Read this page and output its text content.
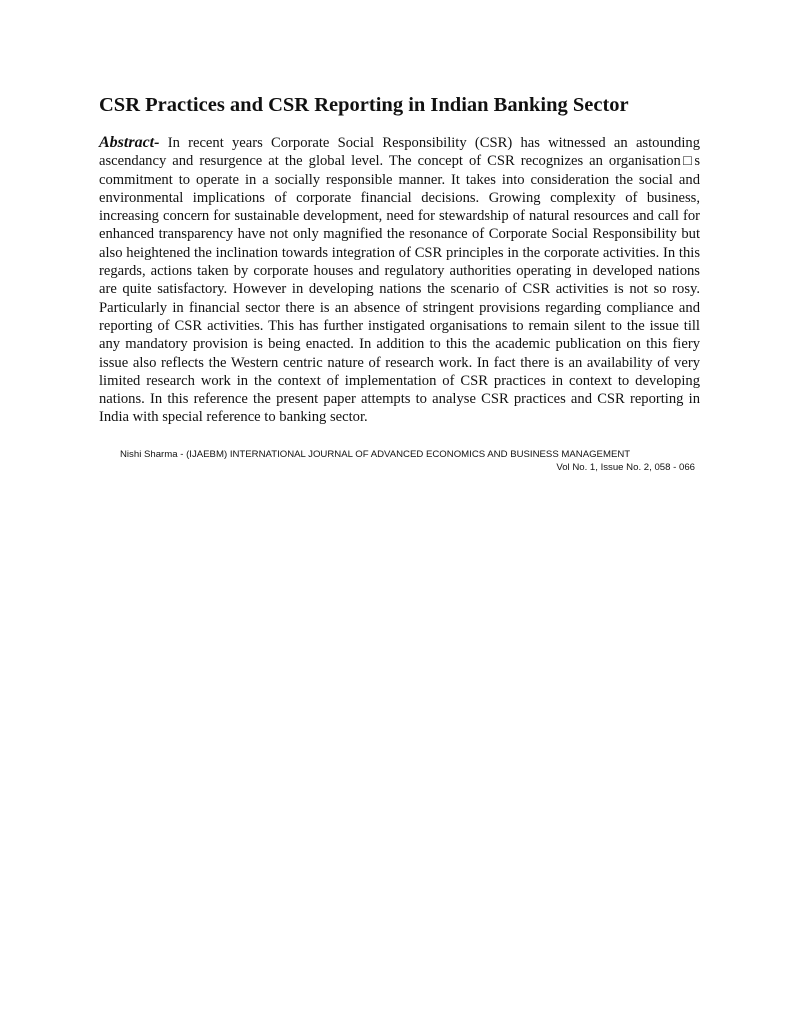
CSR Practices and CSR Reporting in Indian Banking Sector

Abstract- In recent years Corporate Social Responsibility (CSR) has witnessed an astounding ascendancy and resurgence at the global level. The concept of CSR recognizes an organisation□s commitment to operate in a socially responsible manner. It takes into consideration the social and environmental implications of corporate financial decisions. Growing complexity of business, increasing concern for sustainable development, need for stewardship of natural resources and call for enhanced transparency have not only magnified the resonance of Corporate Social Responsibility but also heightened the inclination towards integration of CSR principles in the corporate activities. In this regards, actions taken by corporate houses and regulatory authorities operating in developed nations are quite satisfactory. However in developing nations the scenario of CSR activities is not so rosy. Particularly in financial sector there is an absence of stringent provisions regarding compliance and reporting of CSR activities. This has further instigated organisations to remain silent to the issue till any mandatory provision is being enacted. In addition to this the academic publication on this fiery issue also reflects the Western centric nature of research work. In fact there is an availability of very limited research work in the context of implementation of CSR practices in context to developing nations. In this reference the present paper attempts to analyse CSR practices and CSR reporting in India with special reference to banking sector.

Nishi Sharma - (IJAEBM) INTERNATIONAL JOURNAL OF ADVANCED ECONOMICS AND BUSINESS MANAGEMENT

Vol No. 1, Issue No. 2, 058 - 066
